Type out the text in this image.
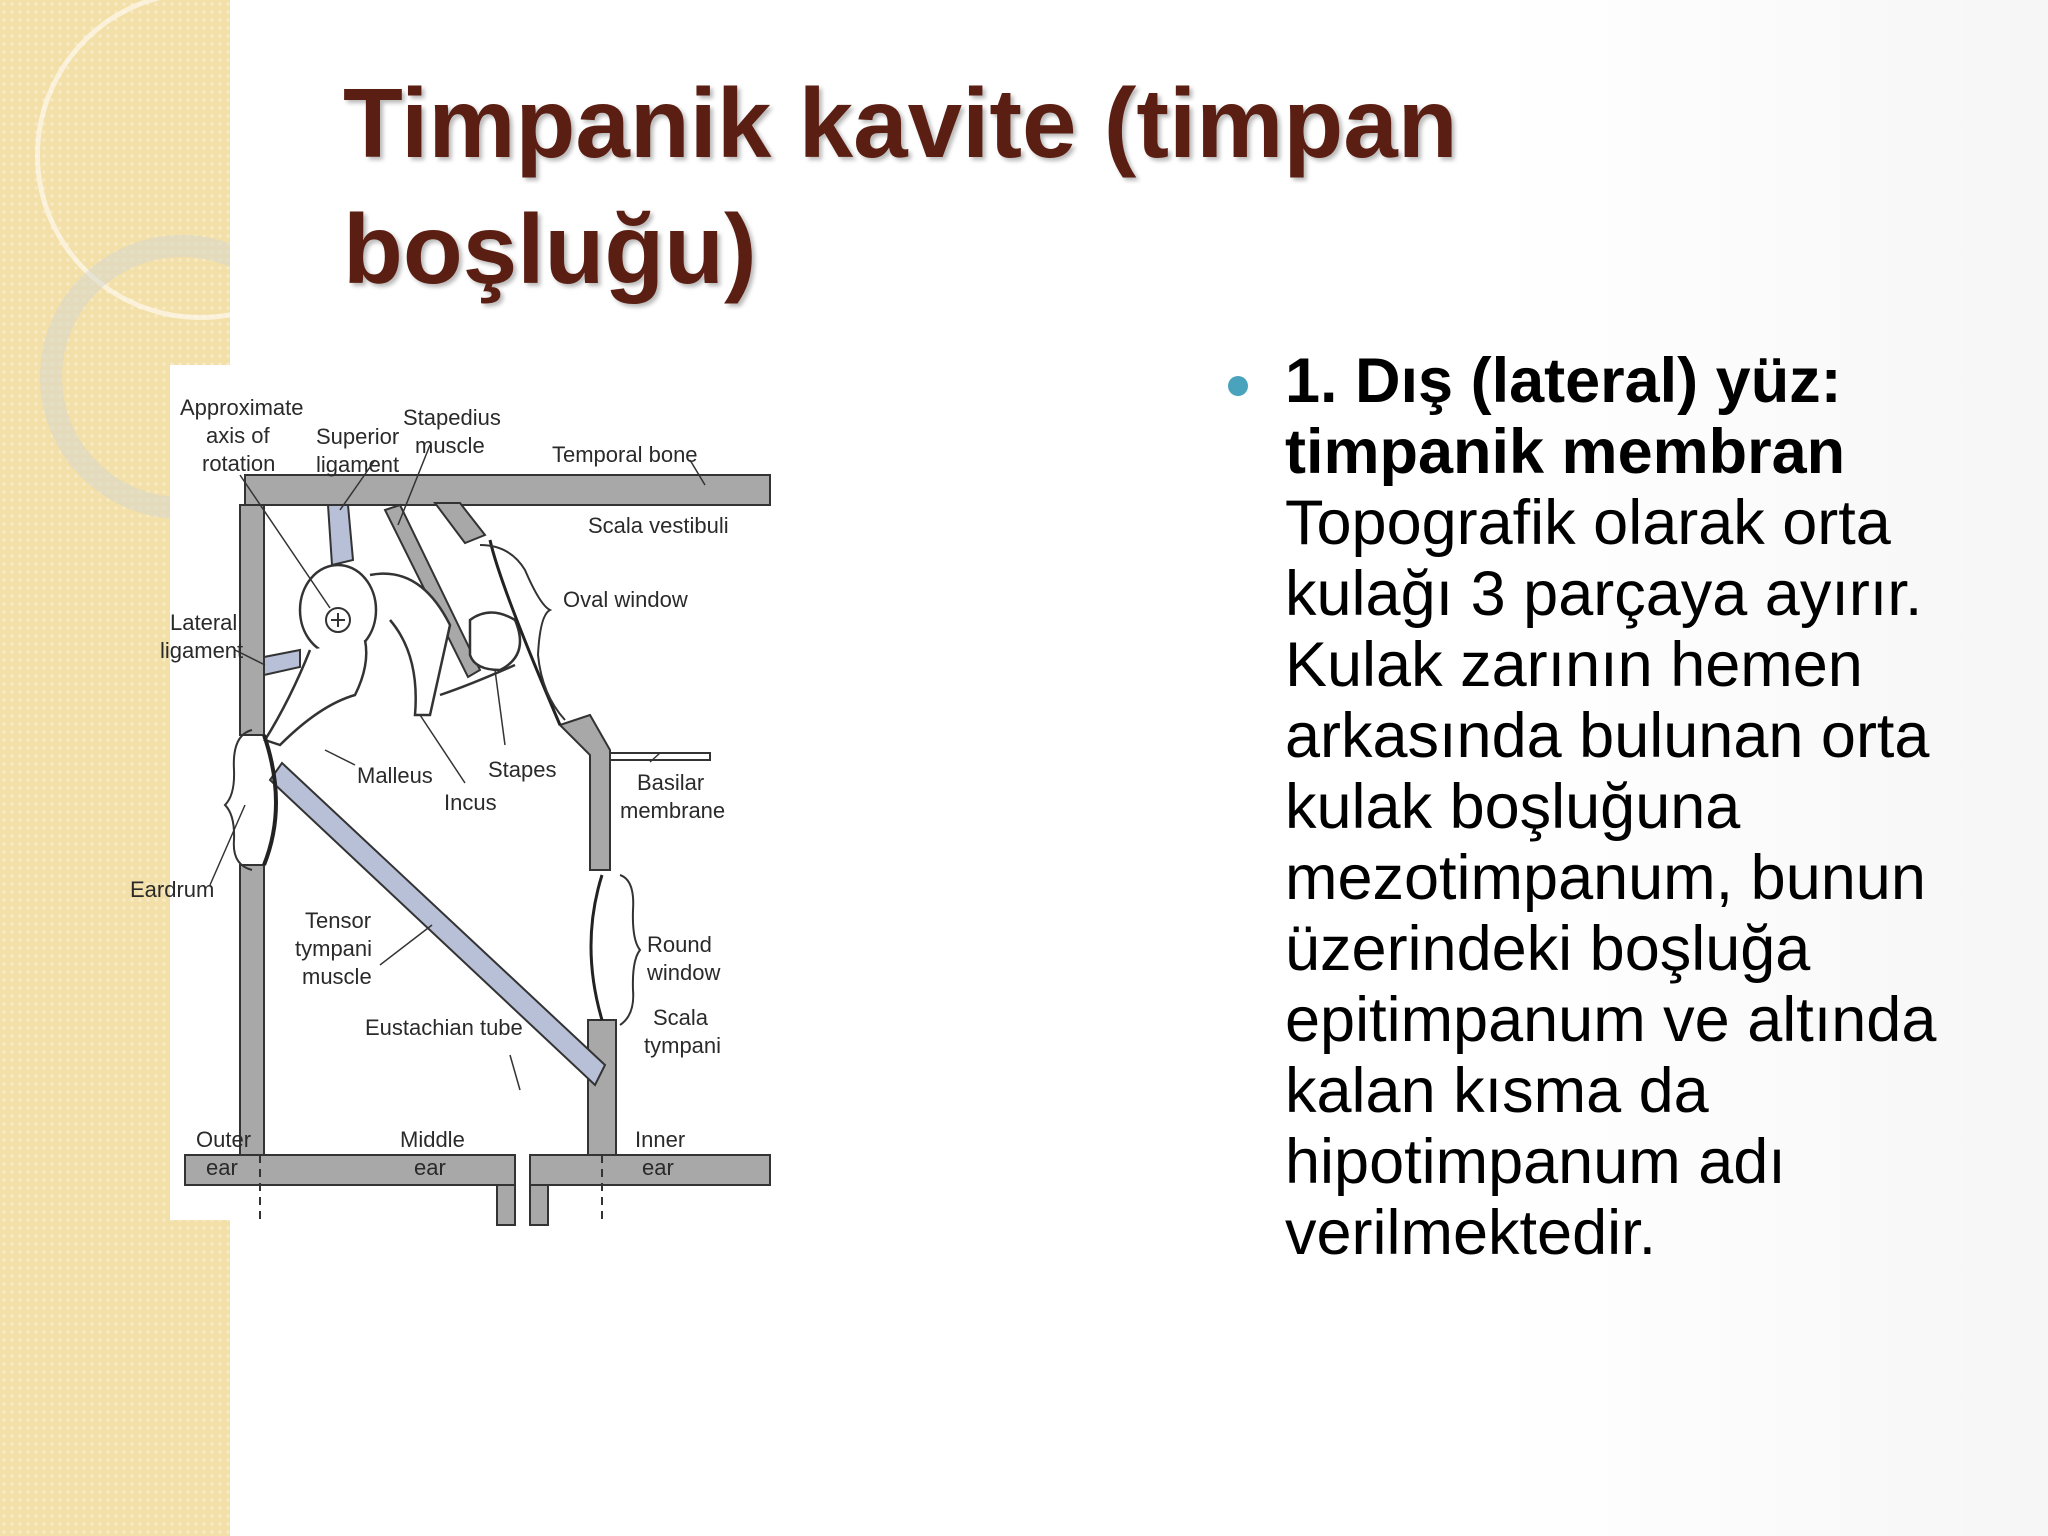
Timpanik kavite (timpan boşluğu)
Approximate
axis of
rotation
Superior
ligament
Stapedius
muscle	Temporal bone
Scala vestibuli
Oval window
Lateral
ligament
Malleus
Incus
Stapes
Basilar
membrane
Eardrum
Tensor
tympani
muscle
Round
window
Eustachian tube	Scala
tympani
Outer
ear
Middle
ear
Inner
ear
1. Dış (lateral) yüz: timpanik membran
Topografik olarak orta kulağı 3 parçaya ayırır. Kulak zarının hemen arkasında bulunan orta kulak boşluğuna mezotimpanum, bunun üzerindeki boşluğa epitimpanum ve altında kalan kısma da hipotimpanum adı verilmektedir.
